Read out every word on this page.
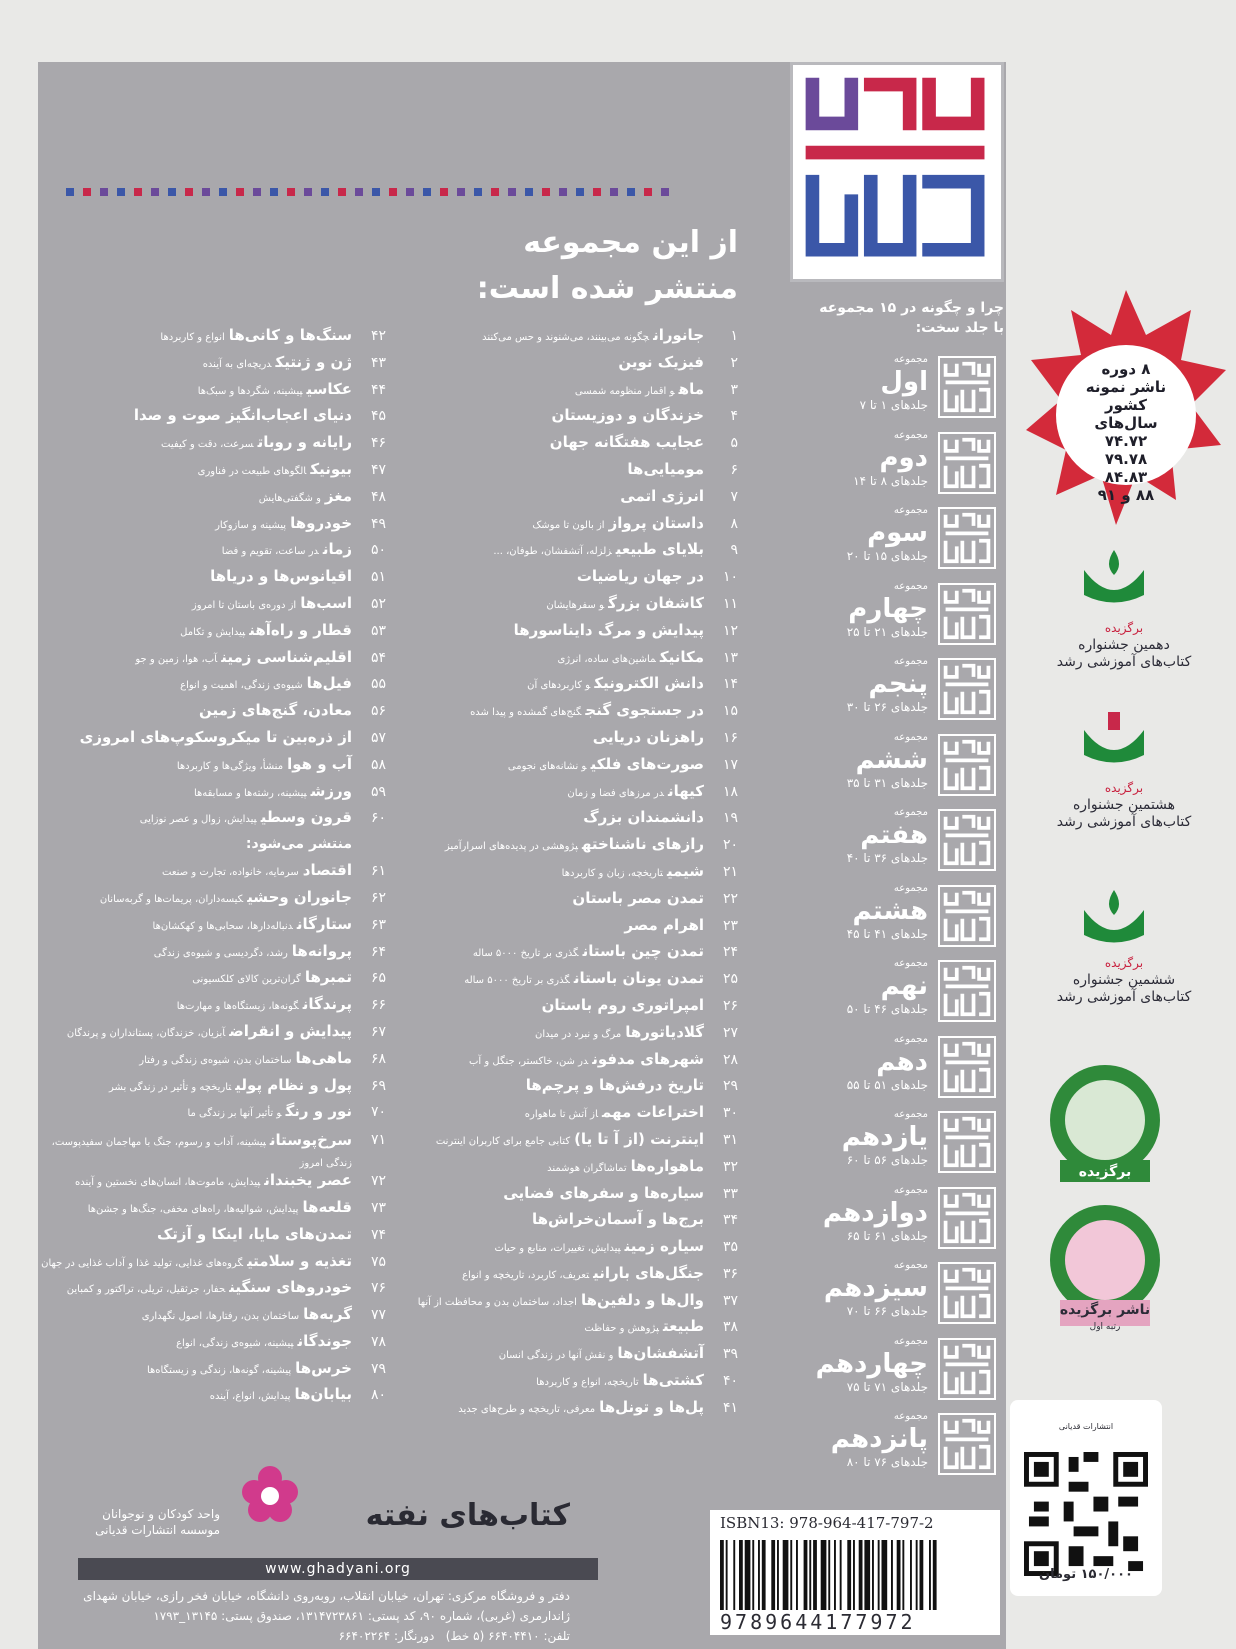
از این مجموعه
منتشر شده است:
چرا و چگونه در ۱۵ مجموعه
با جلد سخت:
مجموعه
اول
جلدهای ۱ تا ۷
مجموعه
دوم
جلدهای ۸ تا ۱۴
مجموعه
سوم
جلدهای ۱۵ تا ۲۰
مجموعه
چهارم
جلدهای ۲۱ تا ۲۵
مجموعه
پنجم
جلدهای ۲۶ تا ۳۰
مجموعه
ششم
جلدهای ۳۱ تا ۳۵
مجموعه
هفتم
جلدهای ۳۶ تا ۴۰
مجموعه
هشتم
جلدهای ۴۱ تا ۴۵
مجموعه
نهم
جلدهای ۴۶ تا ۵۰
مجموعه
دهم
جلدهای ۵۱ تا ۵۵
مجموعه
یازدهم
جلدهای ۵۶ تا ۶۰
مجموعه
دوازدهم
جلدهای ۶۱ تا ۶۵
مجموعه
سیزدهم
جلدهای ۶۶ تا ۷۰
مجموعه
چهاردهم
جلدهای ۷۱ تا ۷۵
مجموعه
پانزدهم
جلدهای ۷۶ تا ۸۰
۱
جانورانچگونه می‌بینند، می‌شنوند و حس می‌کنند
۲
فیزیک نوین
۳
ماهو اقمار منظومه شمسی
۴
خزندگان و دوزیستان
۵
عجایب هفتگانه جهان
۶
مومیایی‌ها
۷
انرژی اتمی
۸
داستان پروازاز بالون تا موشک
۹
بلایای طبیعیزلزله، آتشفشان، طوفان، ...
۱۰
در جهان ریاضیات
۱۱
کاشفان بزرگو سفرهایشان
۱۲
پیدایش و مرگ دایناسورها
۱۳
مکانیکماشین‌های ساده، انرژی
۱۴
دانش الکترونیکو کاربردهای آن
۱۵
در جستجوی گنجگنج‌های گمشده و پیدا شده
۱۶
راهزنان دریایی
۱۷
صورت‌های فلکیو نشانه‌های نجومی
۱۸
کیهاندر مرزهای فضا و زمان
۱۹
دانشمندان بزرگ
۲۰
رازهای ناشناختهپژوهشی در پدیده‌های اسرارآمیز
۲۱
شیمیتاریخچه، زبان و کاربردها
۲۲
تمدن مصر باستان
۲۳
اهرام مصر
۲۴
تمدن چین باستانگذری بر تاریخ ۵۰۰۰ ساله
۲۵
تمدن یونان باستانگذری بر تاریخ ۵۰۰۰ ساله
۲۶
امپراتوری روم باستان
۲۷
گلادیاتورهامرگ و نبرد در میدان
۲۸
شهرهای مدفوندر شن، خاکستر، جنگل و آب
۲۹
تاریخ درفش‌ها و پرچم‌ها
۳۰
اختراعات مهماز آتش تا ماهواره
۳۱
اینترنت (از آ تا یا)کتابی جامع برای کاربران اینترنت
۳۲
ماهواره‌هاتماشاگران هوشمند
۳۳
سیاره‌ها و سفرهای فضایی
۳۴
برج‌ها و آسمان‌خراش‌ها
۳۵
سیاره زمینپیدایش، تغییرات، منابع و حیات
۳۶
جنگل‌های بارانیتعریف، کاربرد، تاریخچه و انواع
۳۷
وال‌ها و دلفین‌هااجداد، ساختمان بدن و محافظت از آنها
۳۸
طبیعتپژوهش و حفاظت
۳۹
آتشفشان‌هاو نقش آنها در زندگی انسان
۴۰
کشتی‌هاتاریخچه، انواع و کاربردها
۴۱
پل‌ها و تونل‌هامعرفی، تاریخچه و طرح‌های جدید
۴۲
سنگ‌ها و کانی‌هاانواع و کاربردها
۴۳
ژن و ژنتیکدریچه‌ای به آینده
۴۴
عکاسیپیشینه، شگردها و سبک‌ها
۴۵
دنیای اعجاب‌انگیز صوت و صدا
۴۶
رایانه و روباتسرعت، دقت و کیفیت
۴۷
بیونیکالگوهای طبیعت در فناوری
۴۸
مغزو شگفتی‌هایش
۴۹
خودروهاپیشینه و سازوکار
۵۰
زماندر ساعت، تقویم و فضا
۵۱
اقیانوس‌ها و دریاها
۵۲
اسب‌هااز دوره‌ی باستان تا امروز
۵۳
قطار و راه‌آهنپیدایش و تکامل
۵۴
اقلیم‌شناسی زمینآب، هوا، زمین و جو
۵۵
فیل‌هاشیوه‌ی زندگی، اهمیت و انواع
۵۶
معادن، گنج‌های زمین
۵۷
از ذره‌بین تا میکروسکوپ‌های امروزی
۵۸
آب و هوامنشأ، ویژگی‌ها و کاربردها
۵۹
ورزشپیشینه، رشته‌ها و مسابقه‌ها
۶۰
قرون وسطیپیدایش، زوال و عصر نوزایی
منتشر می‌شود:
۶۱
اقتصادسرمایه، خانواده، تجارت و صنعت
۶۲
جانوران وحشیکیسه‌داران، پریمات‌ها و گربه‌سانان
۶۳
ستارگاندنباله‌دارها، سحابی‌ها و کهکشان‌ها
۶۴
پروانه‌هارشد، دگردیسی و شیوه‌ی زندگی
۶۵
تمبرهاگران‌ترین کالای کلکسیونی
۶۶
پرندگانگونه‌ها، زیستگاه‌ها و مهارت‌ها
۶۷
پیدایش و انقراضآبزیان، خزندگان، پستانداران و پرندگان
۶۸
ماهی‌هاساختمان بدن، شیوه‌ی زندگی و رفتار
۶۹
پول و نظام پولیتاریخچه و تأثیر در زندگی بشر
۷۰
نور و رنگو تأثیر آنها بر زندگی ما
۷۱
سرخ‌پوستانپیشینه، آداب و رسوم، جنگ با مهاجمان سفیدپوست، زندگی امروز
۷۲
عصر یخبندانپیدایش، ماموت‌ها، انسان‌های نخستین و آینده
۷۳
قلعه‌هاپیدایش، شوالیه‌ها، راه‌های مخفی، جنگ‌ها و جشن‌ها
۷۴
تمدن‌های مایا، اینکا و آزتک
۷۵
تغذیه و سلامتیگروه‌های غذایی، تولید غذا و آداب غذایی در جهان
۷۶
خودروهای سنگینحفار، جرثقیل، تریلی، تراکتور و کمباین
۷۷
گربه‌هاساختمان بدن، رفتارها، اصول نگهداری
۷۸
جوندگانپیشینه، شیوه‌ی زندگی، انواع
۷۹
خرس‌هاپیشینه، گونه‌ها، زندگی و زیستگاه‌ها
۸۰
بیابان‌هاپیدایش، انواع، آینده
۸ دوره
ناشر نمونه
کشور
سال‌های
۷۴.۷۲
۷۹.۷۸
۸۴.۸۳
۸۸ و ۹۱
برگزیده
دهمین جشنواره
کتاب‌های آموزشی رشد
برگزیده
هشتمین جشنواره
کتاب‌های آموزشی رشد
برگزیده
ششمین جشنواره
کتاب‌های آموزشی رشد
برگزیده
ناشر برگزیده
رتبه اول
انتشارات قدیانی
۱۵۰/۰۰۰ تومان
کتاب‌های نفته
واحد کودکان و نوجوانان
موسسه انتشارات قدیانی
www.ghadyani.org
دفتر و فروشگاه مرکزی: تهران، خیابان انقلاب، روبه‌روی دانشگاه، خیابان فخر رازی، خیابان شهدای
ژاندارمری (غربی)، شماره ۹۰، کد پستی: ۱۳۱۴۷۲۳۸۶۱، صندوق پستی: ۱۳۱۴۵_۱۷۹۳
تلفن: ۶۶۴۰۴۴۱۰ (۵ خط)   دورنگار: ۶۶۴۰۲۲۶۴
ISBN13: 978-964-417-797-2
9789644177972
